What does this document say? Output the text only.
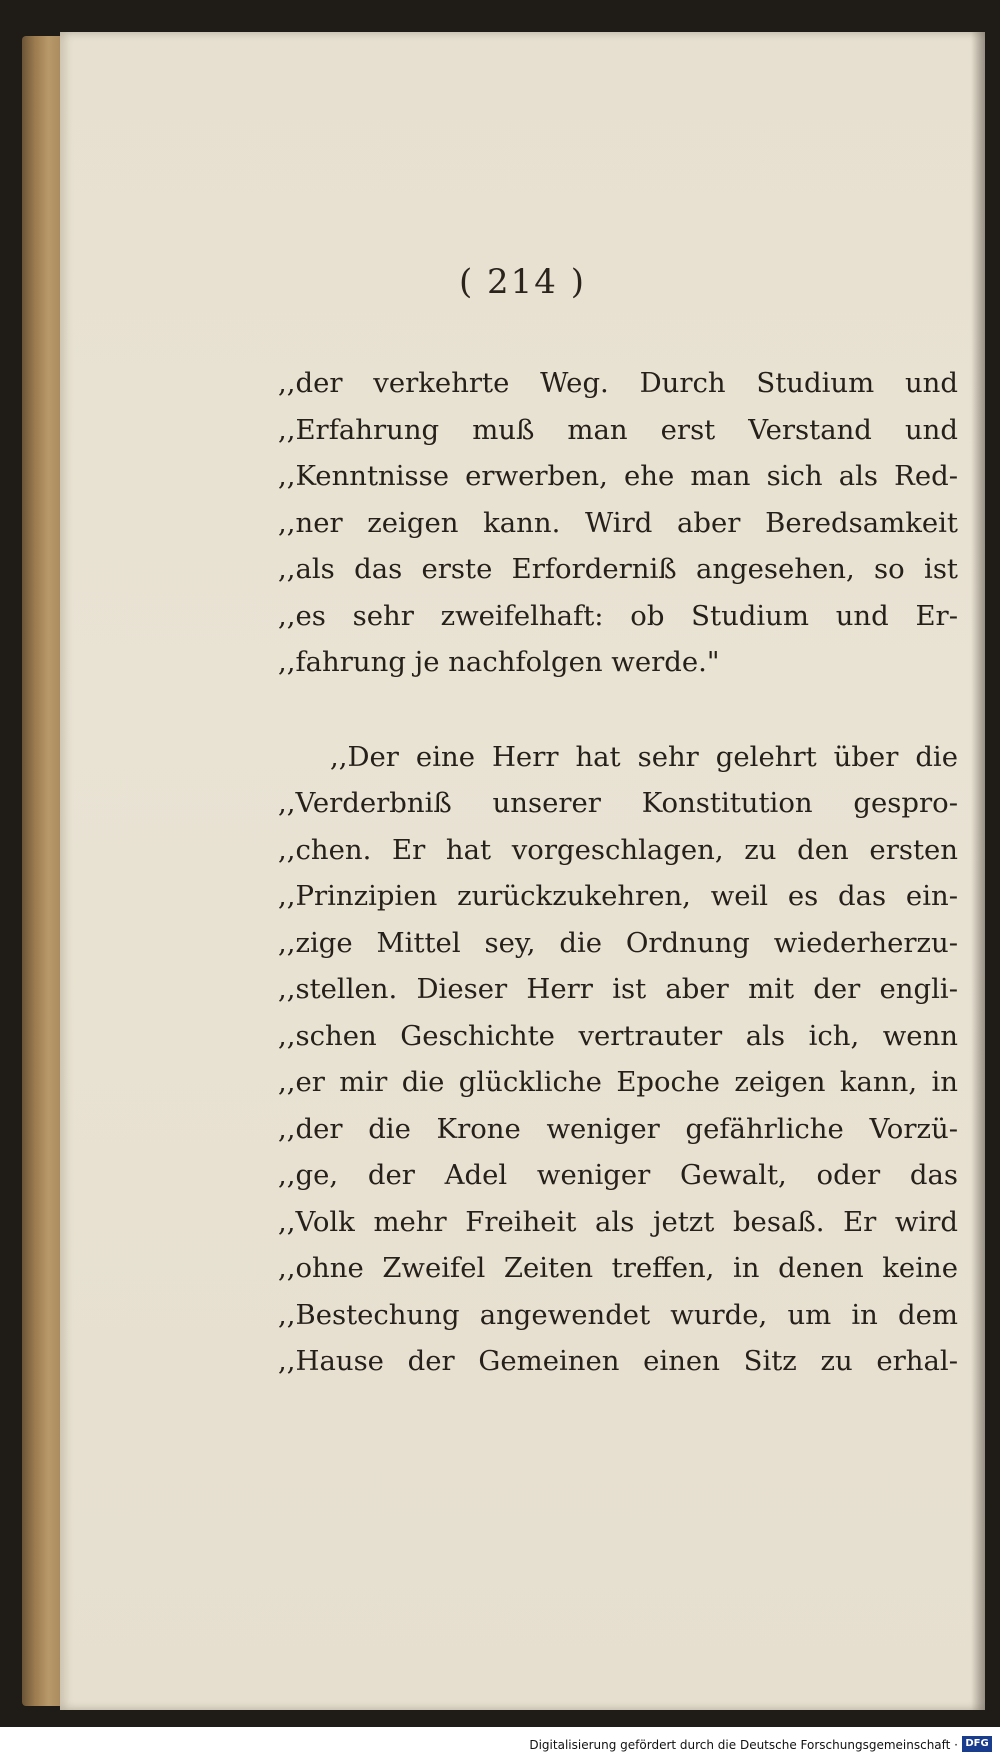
( 214 )
,,der verkehrte Weg. Durch Studium und
,,Erfahrung muß man erst Verstand und
,,Kenntnisse erwerben, ehe man sich als Red-
,,ner zeigen kann. Wird aber Beredsamkeit
,,als das erste Erforderniß angesehen, so ist
,,es sehr zweifelhaft: ob Studium und Er-
,,fahrung je nachfolgen werde."
,,Der eine Herr hat sehr gelehrt über die
,,Verderbniß unserer Konstitution gespro-
,,chen. Er hat vorgeschlagen, zu den ersten
,,Prinzipien zurückzukehren, weil es das ein-
,,zige Mittel sey, die Ordnung wiederherzu-
,,stellen. Dieser Herr ist aber mit der engli-
,,schen Geschichte vertrauter als ich, wenn
,,er mir die glückliche Epoche zeigen kann, in
,,der die Krone weniger gefährliche Vorzü-
,,ge, der Adel weniger Gewalt, oder das
,,Volk mehr Freiheit als jetzt besaß. Er wird
,,ohne Zweifel Zeiten treffen, in denen keine
,,Bestechung angewendet wurde, um in dem
,,Hause der Gemeinen einen Sitz zu erhal-
Digitalisierung gefördert durch die Deutsche Forschungsgemeinschaft · DFG
